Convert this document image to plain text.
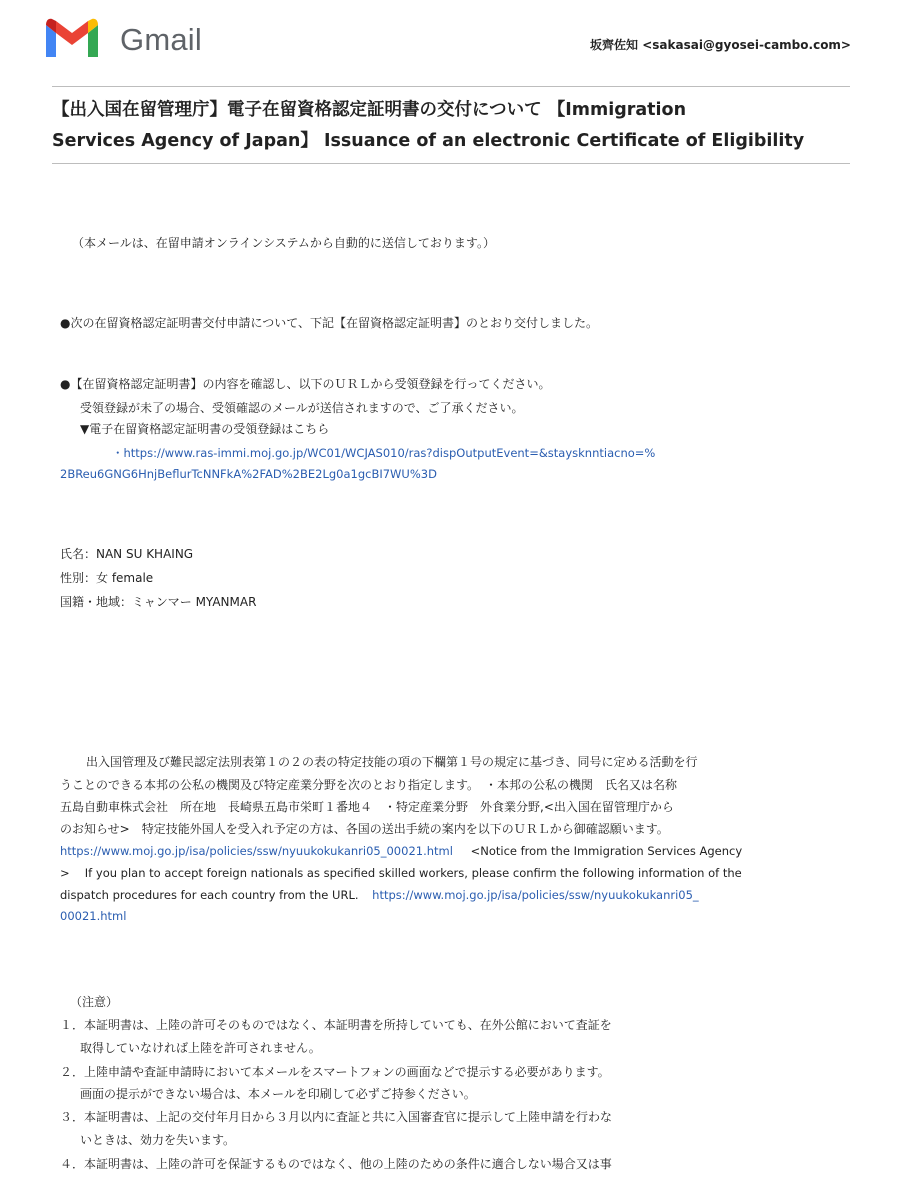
Gmail	坂齊佐知 <sakasai@gyosei-cambo.com>
【出入国在留管理庁】電子在留資格認定証明書の交付について 【Immigration
Services Agency of Japan】 Issuance of an electronic Certificate of Eligibility
（本メールは、在留申請オンラインシステムから自動的に送信しております。）
●次の在留資格認定証明書交付申請について、下記【在留資格認定証明書】のとおり交付しました。
●【在留資格認定証明書】の内容を確認し、以下のＵＲＬから受領登録を行ってください。
受領登録が未了の場合、受領確認のメールが送信されますので、ご了承ください。
▼電子在留資格認定証明書の受領登録はこちら
・https://www.ras-immi.moj.go.jp/WC01/WCJAS010/ras?dispOutputEvent=&staysknntiacno=%
2BReu6GNG6HnjBeflurTcNNFkA%2FAD%2BE2Lg0a1gcBI7WU%3D
氏名：NAN SU KHAING
性別：女 female
国籍・地域：ミャンマー MYANMAR
出入国管理及び難民認定法別表第１の２の表の特定技能の項の下欄第１号の規定に基づき、同号に定める活動を行
うことのできる本邦の公私の機関及び特定産業分野を次のとおり指定します。　・本邦の公私の機関　氏名又は名称
五島自動車株式会社　所在地　長崎県五島市栄町１番地４　・特定産業分野　外食業分野,<出入国在留管理庁から
のお知らせ>　特定技能外国人を受入れ予定の方は、各国の送出手続の案内を以下のＵＲＬから御確認願います。
https://www.moj.go.jp/isa/policies/ssw/nyuukokukanri05_00021.html <Notice from the Immigration Services Agency
>　 If you plan to accept foreign nationals as specified skilled workers, please confirm the following information of the
dispatch procedures for each country from the URL. https://www.moj.go.jp/isa/policies/ssw/nyuukokukanri05_
00021.html
（注意）
１．本証明書は、上陸の許可そのものではなく、本証明書を所持していても、在外公館において査証を
取得していなければ上陸を許可されません。
２．上陸申請や査証申請時において本メールをスマートフォンの画面などで提示する必要があります。
画面の提示ができない場合は、本メールを印刷して必ずご持参ください。
３．本証明書は、上記の交付年月日から３月以内に査証と共に入国審査官に提示して上陸申請を行わな
いときは、効力を失います。
４．本証明書は、上陸の許可を保証するものではなく、他の上陸のための条件に適合しない場合又は事
